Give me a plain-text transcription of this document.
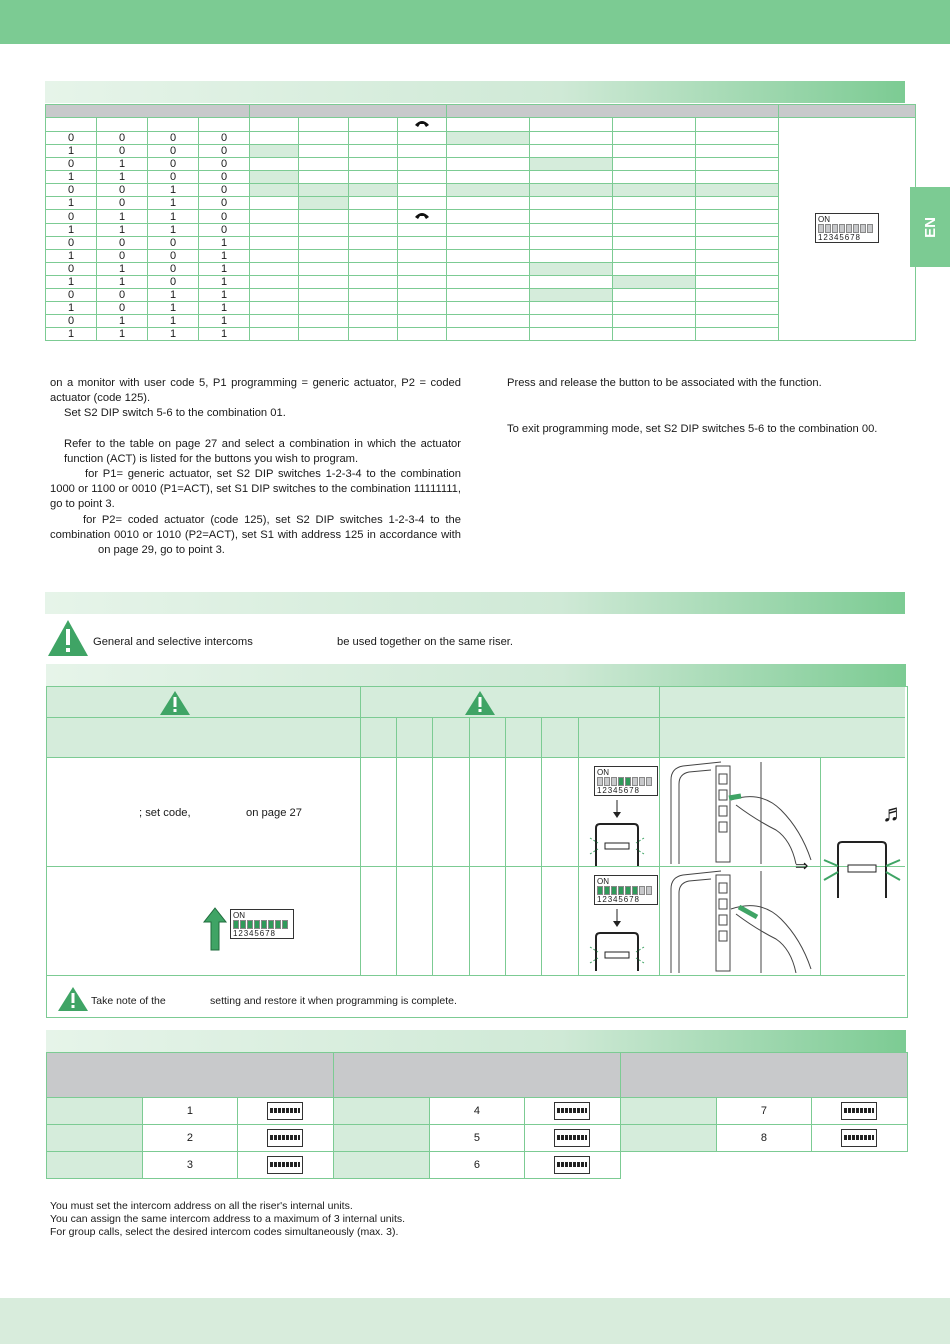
EN

ON
12345678

0	0	0	0									
1	0	0	0									
0	1	0	0									
1	1	0	0									
0	0	1	0									
1	0	1	0									
0	1	1	0								
1	1	1	0									
0	0	0	1									
1	0	0	1									
0	1	0	1									
1	1	0	1									
0	0	1	1									
1	0	1	1									
0	1	1	1									
1	1	1	1									

on a monitor with user code 5, P1 programming = generic actuator, P2 = coded actuator (code 125).

Set S2 DIP switch 5-6 to the combination 01.

Refer to the table on page 27 and select a combination in which the actuator function (ACT) is listed for the buttons you wish to program.

for P1= generic actuator, set S2 DIP switches 1-2-3-4 to the combination 1000 or 1100 or 0010 (P1=ACT), set S1 DIP switches to the combination 11111111, go to point 3.

for P2= coded actuator (code 125), set S2 DIP switches 1-2-3-4 to the combination 0010 or 1010 (P2=ACT), set S1 with address 125 in accordance withon page 29, go to point 3.

Press and release the button to be associated with the function.

To exit programming mode, set S2 DIP switches 5-6 to the combination 00.

General and selective intercoms	be used together on the same riser.
; set code,	on page 27
ON
12345678
ON
12345678
ON
12345678
♬
⇒
Take note of the	setting and restore it when programming is complete.

	1			4			7	

	2			5			8	

	3			6			

You must set the intercom address on all the riser's internal units.

You can assign the same intercom address to a maximum of 3 internal units.

For group calls, select the desired intercom codes simultaneously (max. 3).
